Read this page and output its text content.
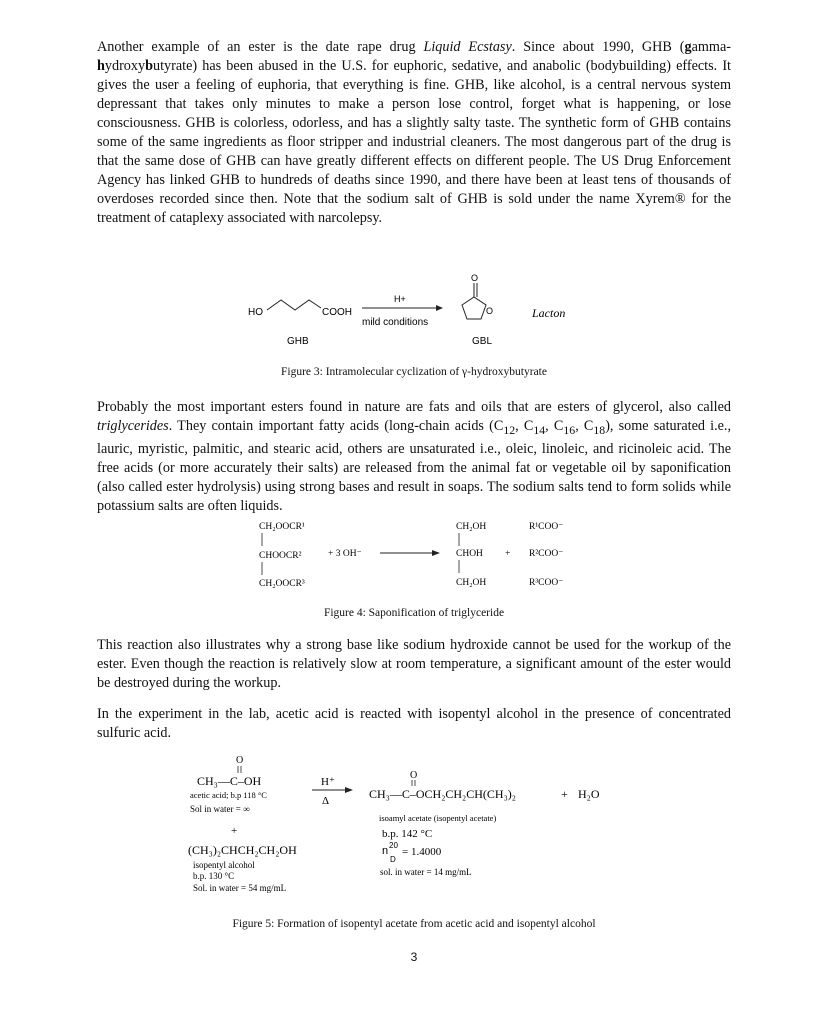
Another example of an ester is the date rape drug Liquid Ecstasy. Since about 1990, GHB (gamma-hydroxybutyrate) has been abused in the U.S. for euphoric, sedative, and anabolic (bodybuilding) effects. It gives the user a feeling of euphoria, that everything is fine. GHB, like alcohol, is a central nervous system depressant that takes only minutes to make a person lose control, forget what is happening, or lose consciousness. GHB is colorless, odorless, and has a slightly salty taste. The synthetic form of GHB contains some of the same ingredients as floor stripper and industrial cleaners. The most dangerous part of the drug is that the same dose of GHB can have greatly different effects on different people. The US Drug Enforcement Agency has linked GHB to hundreds of deaths since 1990, and there have been at least tens of thousands of overdoses recorded since then. Note that the sodium salt of GHB is sold under the name Xyrem® for the treatment of cataplexy associated with narcolepsy.

HO	COOH
H+
mild conditions
O
O	Lacton
GHB	GBL

Figure 3: Intramolecular cyclization of γ-hydroxybutyrate

Probably the most important esters found in nature are fats and oils that are esters of glycerol, also called triglycerides. They contain important fatty acids (long-chain acids ($C_{12}$, $C_{14}$, $C_{16}$, $C_{18}$), some saturated i.e., lauric, myristic, palmitic, and stearic acid, others are unsaturated i.e., oleic, linoleic, and ricinoleic acid. The free acids (or more accurately their salts) are released from the animal fat or vegetable oil by saponification (also called ester hydrolysis) using strong bases and result in soaps. The sodium salts tend to form solids while potassium salts are often liquids.

CH₂OOCR¹
CHOOCR²
CH₂OOCR³
+ 3 OH⁻
CH₂OH
CHOH
CH₂OH
+
R¹COO⁻
R²COO⁻
R³COO⁻

Figure 4: Saponification of triglyceride

This reaction also illustrates why a strong base like sodium hydroxide cannot be used for the workup of the ester. Even though the reaction is relatively slow at room temperature, a significant amount of the ester would be destroyed during the workup.

In the experiment in the lab, acetic acid is reacted with isopentyl alcohol in the presence of concentrated sulfuric acid.

O
CH₃—C–OH
acetic acid; b.p 118 °C
Sol in water = ∞
+
(CH₃)₂CHCH₂CH₂OH
isopentyl alcohol
b.p. 130 °C
Sol. in water = 54 mg/mL
H⁺
Δ
O
CH₃—C–OCH₂CH₂CH(CH₃)₂	+ H₂O
isoamyl acetate (isopentyl acetate)
b.p. 142 °C
n 20
D
= 1.4000
sol. in water = 14 mg/mL

Figure 5: Formation of isopentyl acetate from acetic acid and isopentyl alcohol

3
